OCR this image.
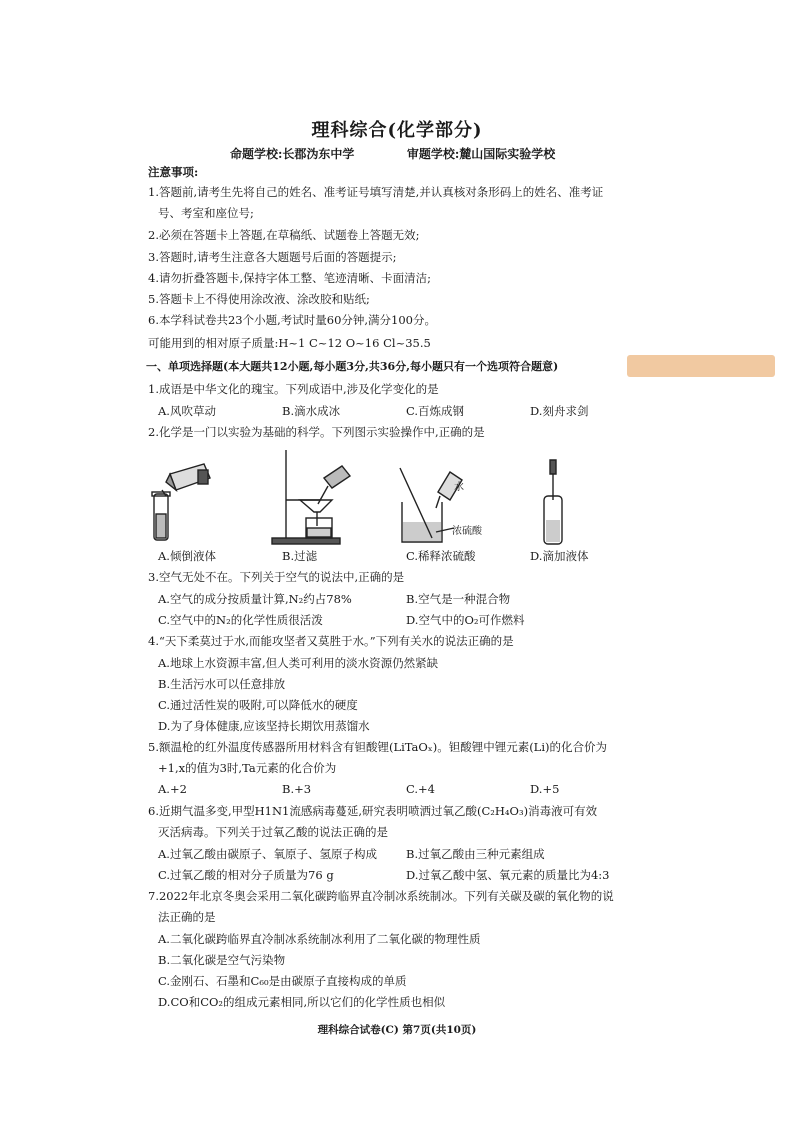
理科综合(化学部分)
命题学校:长郡沩东中学	审题学校:麓山国际实验学校
注意事项:
1.答题前,请考生先将自己的姓名、准考证号填写清楚,并认真核对条形码上的姓名、准考证
号、考室和座位号;
2.必须在答题卡上答题,在草稿纸、试题卷上答题无效;
3.答题时,请考生注意各大题题号后面的答题提示;
4.请勿折叠答题卡,保持字体工整、笔迹清晰、卡面清洁;
5.答题卡上不得使用涂改液、涂改胶和贴纸;
6.本学科试卷共23个小题,考试时量60分钟,满分100分。
可能用到的相对原子质量:H~1 C~12 O~16 Cl~35.5
一、单项选择题(本大题共12小题,每小题3分,共36分,每小题只有一个选项符合题意)
1.成语是中华文化的瑰宝。下列成语中,涉及化学变化的是
A.风吹草动	B.滴水成冰	C.百炼成钢	D.刻舟求剑
2.化学是一门以实验为基础的科学。下列图示实验操作中,正确的是
水
浓硫酸
A.倾倒液体	B.过滤	C.稀释浓硫酸	D.滴加液体
3.空气无处不在。下列关于空气的说法中,正确的是
A.空气的成分按质量计算,N₂约占78%	B.空气是一种混合物
C.空气中的N₂的化学性质很活泼	D.空气中的O₂可作燃料
4.“天下柔莫过于水,而能攻坚者又莫胜于水。”下列有关水的说法正确的是
A.地球上水资源丰富,但人类可利用的淡水资源仍然紧缺
B.生活污水可以任意排放
C.通过活性炭的吸附,可以降低水的硬度
D.为了身体健康,应该坚持长期饮用蒸馏水
5.额温枪的红外温度传感器所用材料含有钽酸锂(LiTaOₓ)。钽酸锂中锂元素(Li)的化合价为
+1,x的值为3时,Ta元素的化合价为
A.+2	B.+3	C.+4	D.+5
6.近期气温多变,甲型H1N1流感病毒蔓延,研究表明喷洒过氧乙酸(C₂H₄O₃)消毒液可有效
灭活病毒。下列关于过氧乙酸的说法正确的是
A.过氧乙酸由碳原子、氧原子、氢原子构成	B.过氧乙酸由三种元素组成
C.过氧乙酸的相对分子质量为76 g	D.过氧乙酸中氢、氧元素的质量比为4:3
7.2022年北京冬奥会采用二氧化碳跨临界直冷制冰系统制冰。下列有关碳及碳的氧化物的说
法正确的是
A.二氧化碳跨临界直冷制冰系统制冰利用了二氧化碳的物理性质
B.二氧化碳是空气污染物
C.金刚石、石墨和C₆₀是由碳原子直接构成的单质
D.CO和CO₂的组成元素相同,所以它们的化学性质也相似
理科综合试卷(C) 第7页(共10页)
